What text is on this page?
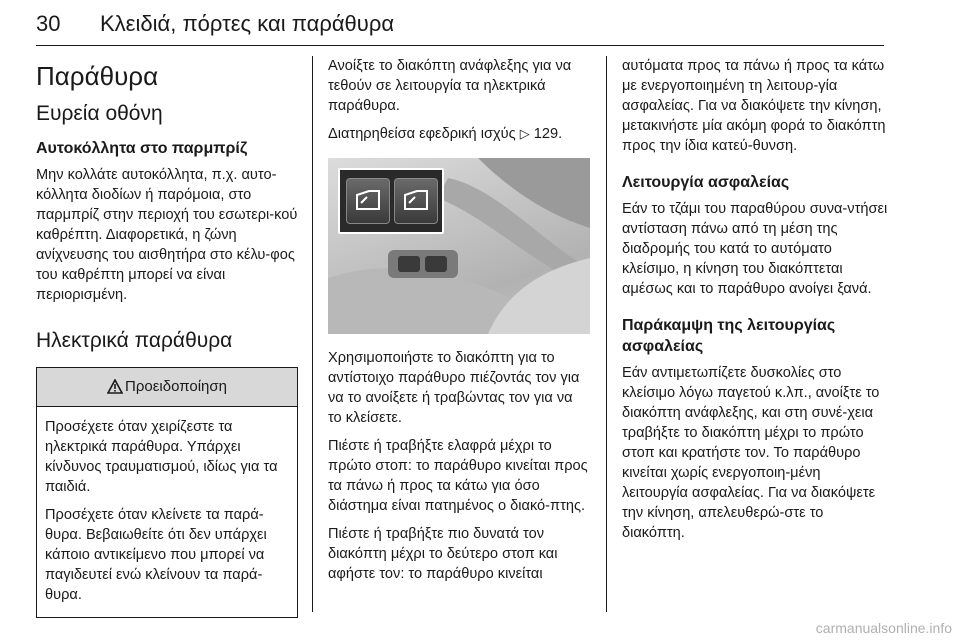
30 Κλειδιά, πόρτες και παράθυρα
Παράθυρα
Ευρεία οθόνη
Αυτοκόλλητα στο παρμπρίζ

Μην κολλάτε αυτοκόλλητα, π.χ. αυτο-κόλλητα διοδίων ή παρόμοια, στο παρμπρίζ στην περιοχή του εσωτερι-κού καθρέπτη. Διαφορετικά, η ζώνη ανίχνευσης του αισθητήρα στο κέλυ-φος του καθρέπτη μπορεί να είναι περιορισμένη.

Ηλεκτρικά παράθυρα
Προειδοποίηση

Προσέχετε όταν χειρίζεστε τα ηλεκτρικά παράθυρα. Υπάρχει κίνδυνος τραυματισμού, ιδίως για τα παιδιά.

Προσέχετε όταν κλείνετε τα παρά-θυρα. Βεβαιωθείτε ότι δεν υπάρχει κάποιο αντικείμενο που μπορεί να παγιδευτεί ενώ κλείνουν τα παρά-θυρα.

Ανοίξτε το διακόπτη ανάφλεξης για να τεθούν σε λειτουργία τα ηλεκτρικά παράθυρα.

Διατηρηθείσα εφεδρική ισχύς ▷ 129.

Χρησιμοποιήστε το διακόπτη για το αντίστοιχο παράθυρο πιέζοντάς τον για να το ανοίξετε ή τραβώντας τον για να το κλείσετε.

Πιέστε ή τραβήξτε ελαφρά μέχρι το πρώτο στοπ: το παράθυρο κινείται προς τα πάνω ή προς τα κάτω για όσο διάστημα είναι πατημένος ο διακό-πτης.

Πιέστε ή τραβήξτε πιο δυνατά τον διακόπτη μέχρι το δεύτερο στοπ και αφήστε τον: το παράθυρο κινείται

αυτόματα προς τα πάνω ή προς τα κάτω με ενεργοποιημένη τη λειτουρ-γία ασφαλείας. Για να διακόψετε την κίνηση, μετακινήστε μία ακόμη φορά το διακόπτη προς την ίδια κατεύ-θυνση.

Λειτουργία ασφαλείας

Εάν το τζάμι του παραθύρου συνα-ντήσει αντίσταση πάνω από τη μέση της διαδρομής του κατά το αυτόματο κλείσιμο, η κίνηση του διακόπτεται αμέσως και το παράθυρο ανοίγει ξανά.

Παράκαμψη της λειτουργίας ασφαλείας

Εάν αντιμετωπίζετε δυσκολίες στο κλείσιμο λόγω παγετού κ.λπ., ανοίξτε το διακόπτη ανάφλεξης, και στη συνέ-χεια τραβήξτε το διακόπτη μέχρι το πρώτο στοπ και κρατήστε τον. Το παράθυρο κινείται χωρίς ενεργοποιη-μένη λειτουργία ασφαλείας. Για να διακόψετε την κίνηση, απελευθερώ-στε το διακόπτη.

carmanualsonline.info
